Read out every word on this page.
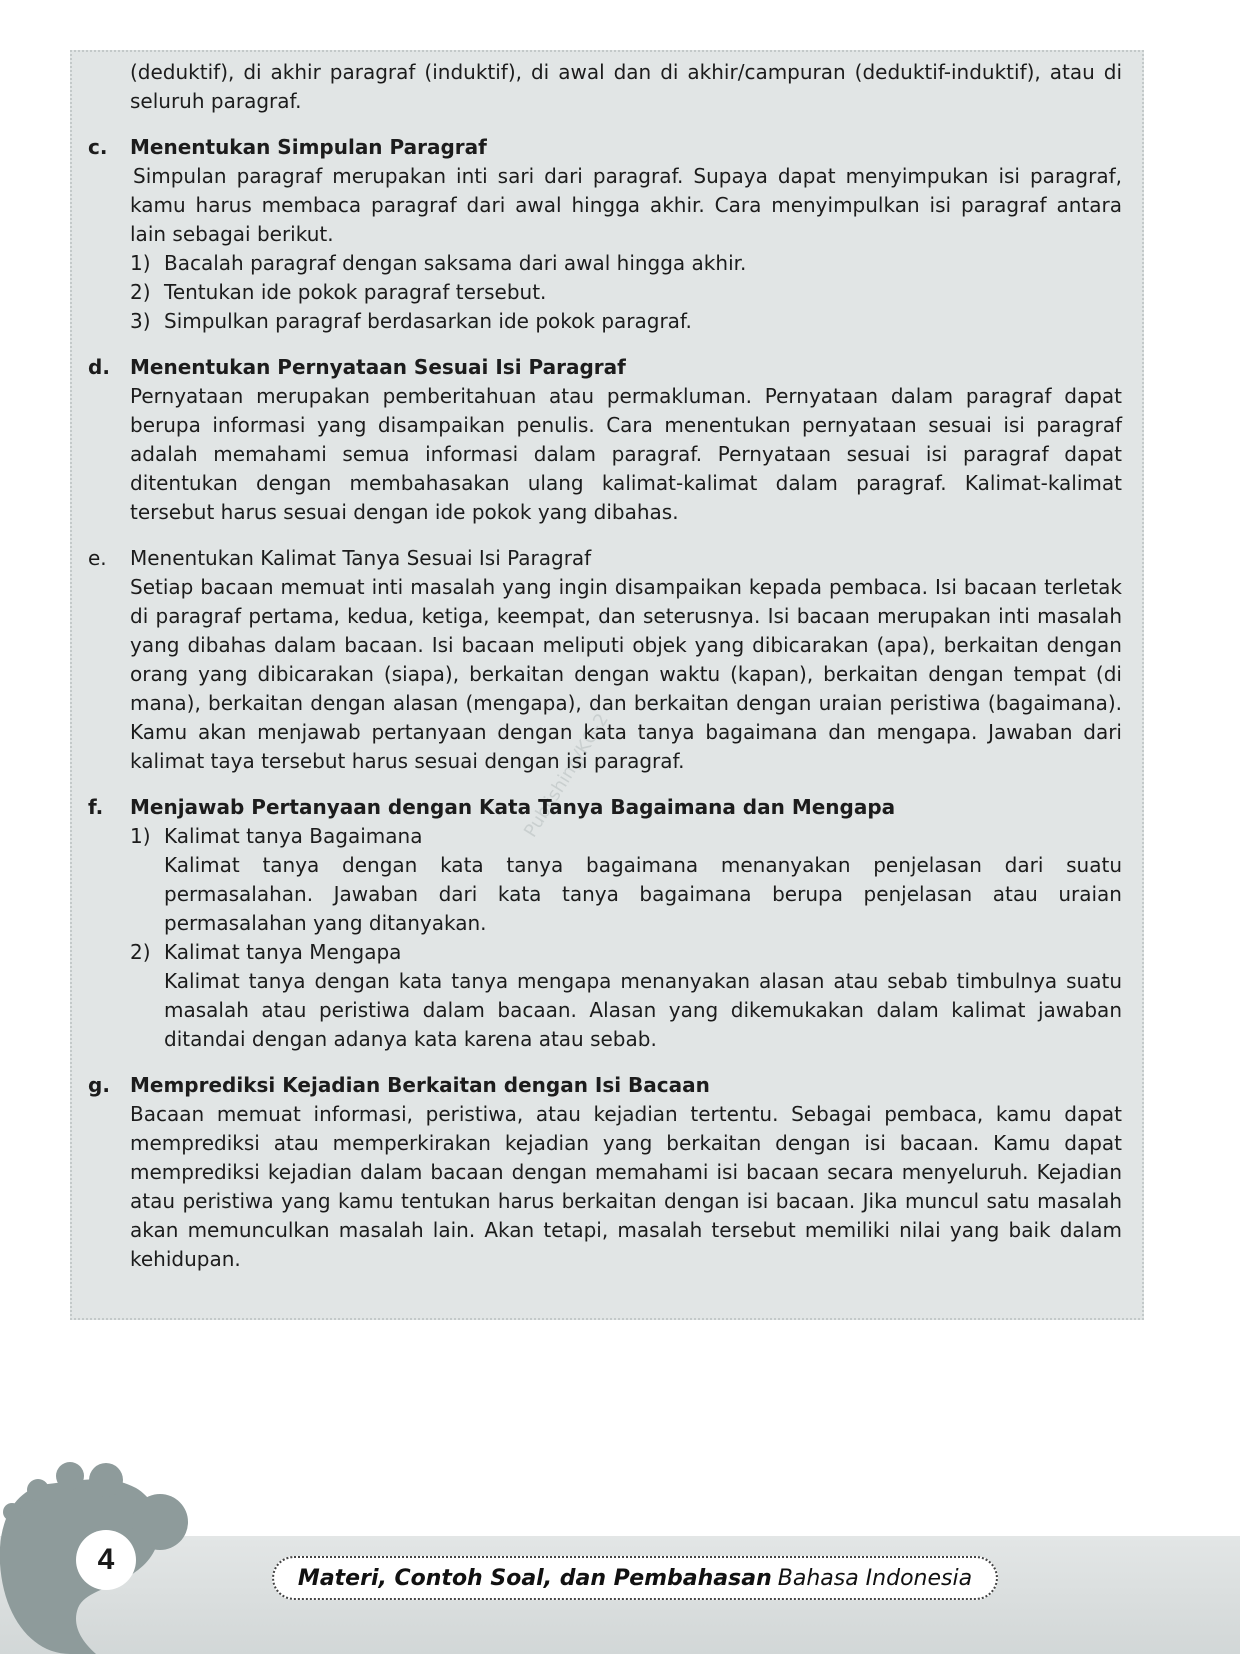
Publishing/KG-2
(deduktif), di akhir paragraf (induktif), di awal dan di akhir/campuran (deduktif-induktif), atau di seluruh paragraf.
c. Menentukan Simpulan Paragraf
Simpulan paragraf merupakan inti sari dari paragraf. Supaya dapat menyimpukan isi paragraf, kamu harus membaca paragraf dari awal hingga akhir. Cara menyimpulkan isi paragraf antara lain sebagai berikut.
1) Bacalah paragraf dengan saksama dari awal hingga akhir.
2) Tentukan ide pokok paragraf tersebut.
3) Simpulkan paragraf berdasarkan ide pokok paragraf.
d. Menentukan Pernyataan Sesuai Isi Paragraf
Pernyataan merupakan pemberitahuan atau permakluman. Pernyataan dalam paragraf dapat berupa informasi yang disampaikan penulis. Cara menentukan pernyataan sesuai isi paragraf adalah memahami semua informasi dalam paragraf. Pernyataan sesuai isi paragraf dapat ditentukan dengan membahasakan ulang kalimat-kalimat dalam paragraf. Kalimat-kalimat tersebut harus sesuai dengan ide pokok yang dibahas.
e. Menentukan Kalimat Tanya Sesuai Isi Paragraf
Setiap bacaan memuat inti masalah yang ingin disampaikan kepada pembaca. Isi bacaan terletak di paragraf pertama, kedua, ketiga, keempat, dan seterusnya. Isi bacaan merupakan inti masalah yang dibahas dalam bacaan. Isi bacaan meliputi objek yang dibicarakan (apa), berkaitan dengan orang yang dibicarakan (siapa), berkaitan dengan waktu (kapan), berkaitan dengan tempat (di mana), berkaitan dengan alasan (mengapa), dan berkaitan dengan uraian peristiwa (bagaimana). Kamu akan menjawab pertanyaan dengan kata tanya bagaimana dan mengapa. Jawaban dari kalimat taya tersebut harus sesuai dengan isi paragraf.
f. Menjawab Pertanyaan dengan Kata Tanya Bagaimana dan Mengapa
1) Kalimat tanya Bagaimana
Kalimat tanya dengan kata tanya bagaimana menanyakan penjelasan dari suatu permasalahan. Jawaban dari kata tanya bagaimana berupa penjelasan atau uraian permasalahan yang ditanyakan.
2) Kalimat tanya Mengapa
Kalimat tanya dengan kata tanya mengapa menanyakan alasan atau sebab timbulnya suatu masalah atau peristiwa dalam bacaan. Alasan yang dikemukakan dalam kalimat jawaban ditandai dengan adanya kata karena atau sebab.
g. Memprediksi Kejadian Berkaitan dengan Isi Bacaan
Bacaan memuat informasi, peristiwa, atau kejadian tertentu. Sebagai pembaca, kamu dapat memprediksi atau memperkirakan kejadian yang berkaitan dengan isi bacaan. Kamu dapat memprediksi kejadian dalam bacaan dengan memahami isi bacaan secara menyeluruh. Kejadian atau peristiwa yang kamu tentukan harus berkaitan dengan isi bacaan. Jika muncul satu masalah akan memunculkan masalah lain. Akan tetapi, masalah tersebut memiliki nilai yang baik dalam kehidupan.
4
Materi, Contoh Soal, dan Pembahasan Bahasa Indonesia
